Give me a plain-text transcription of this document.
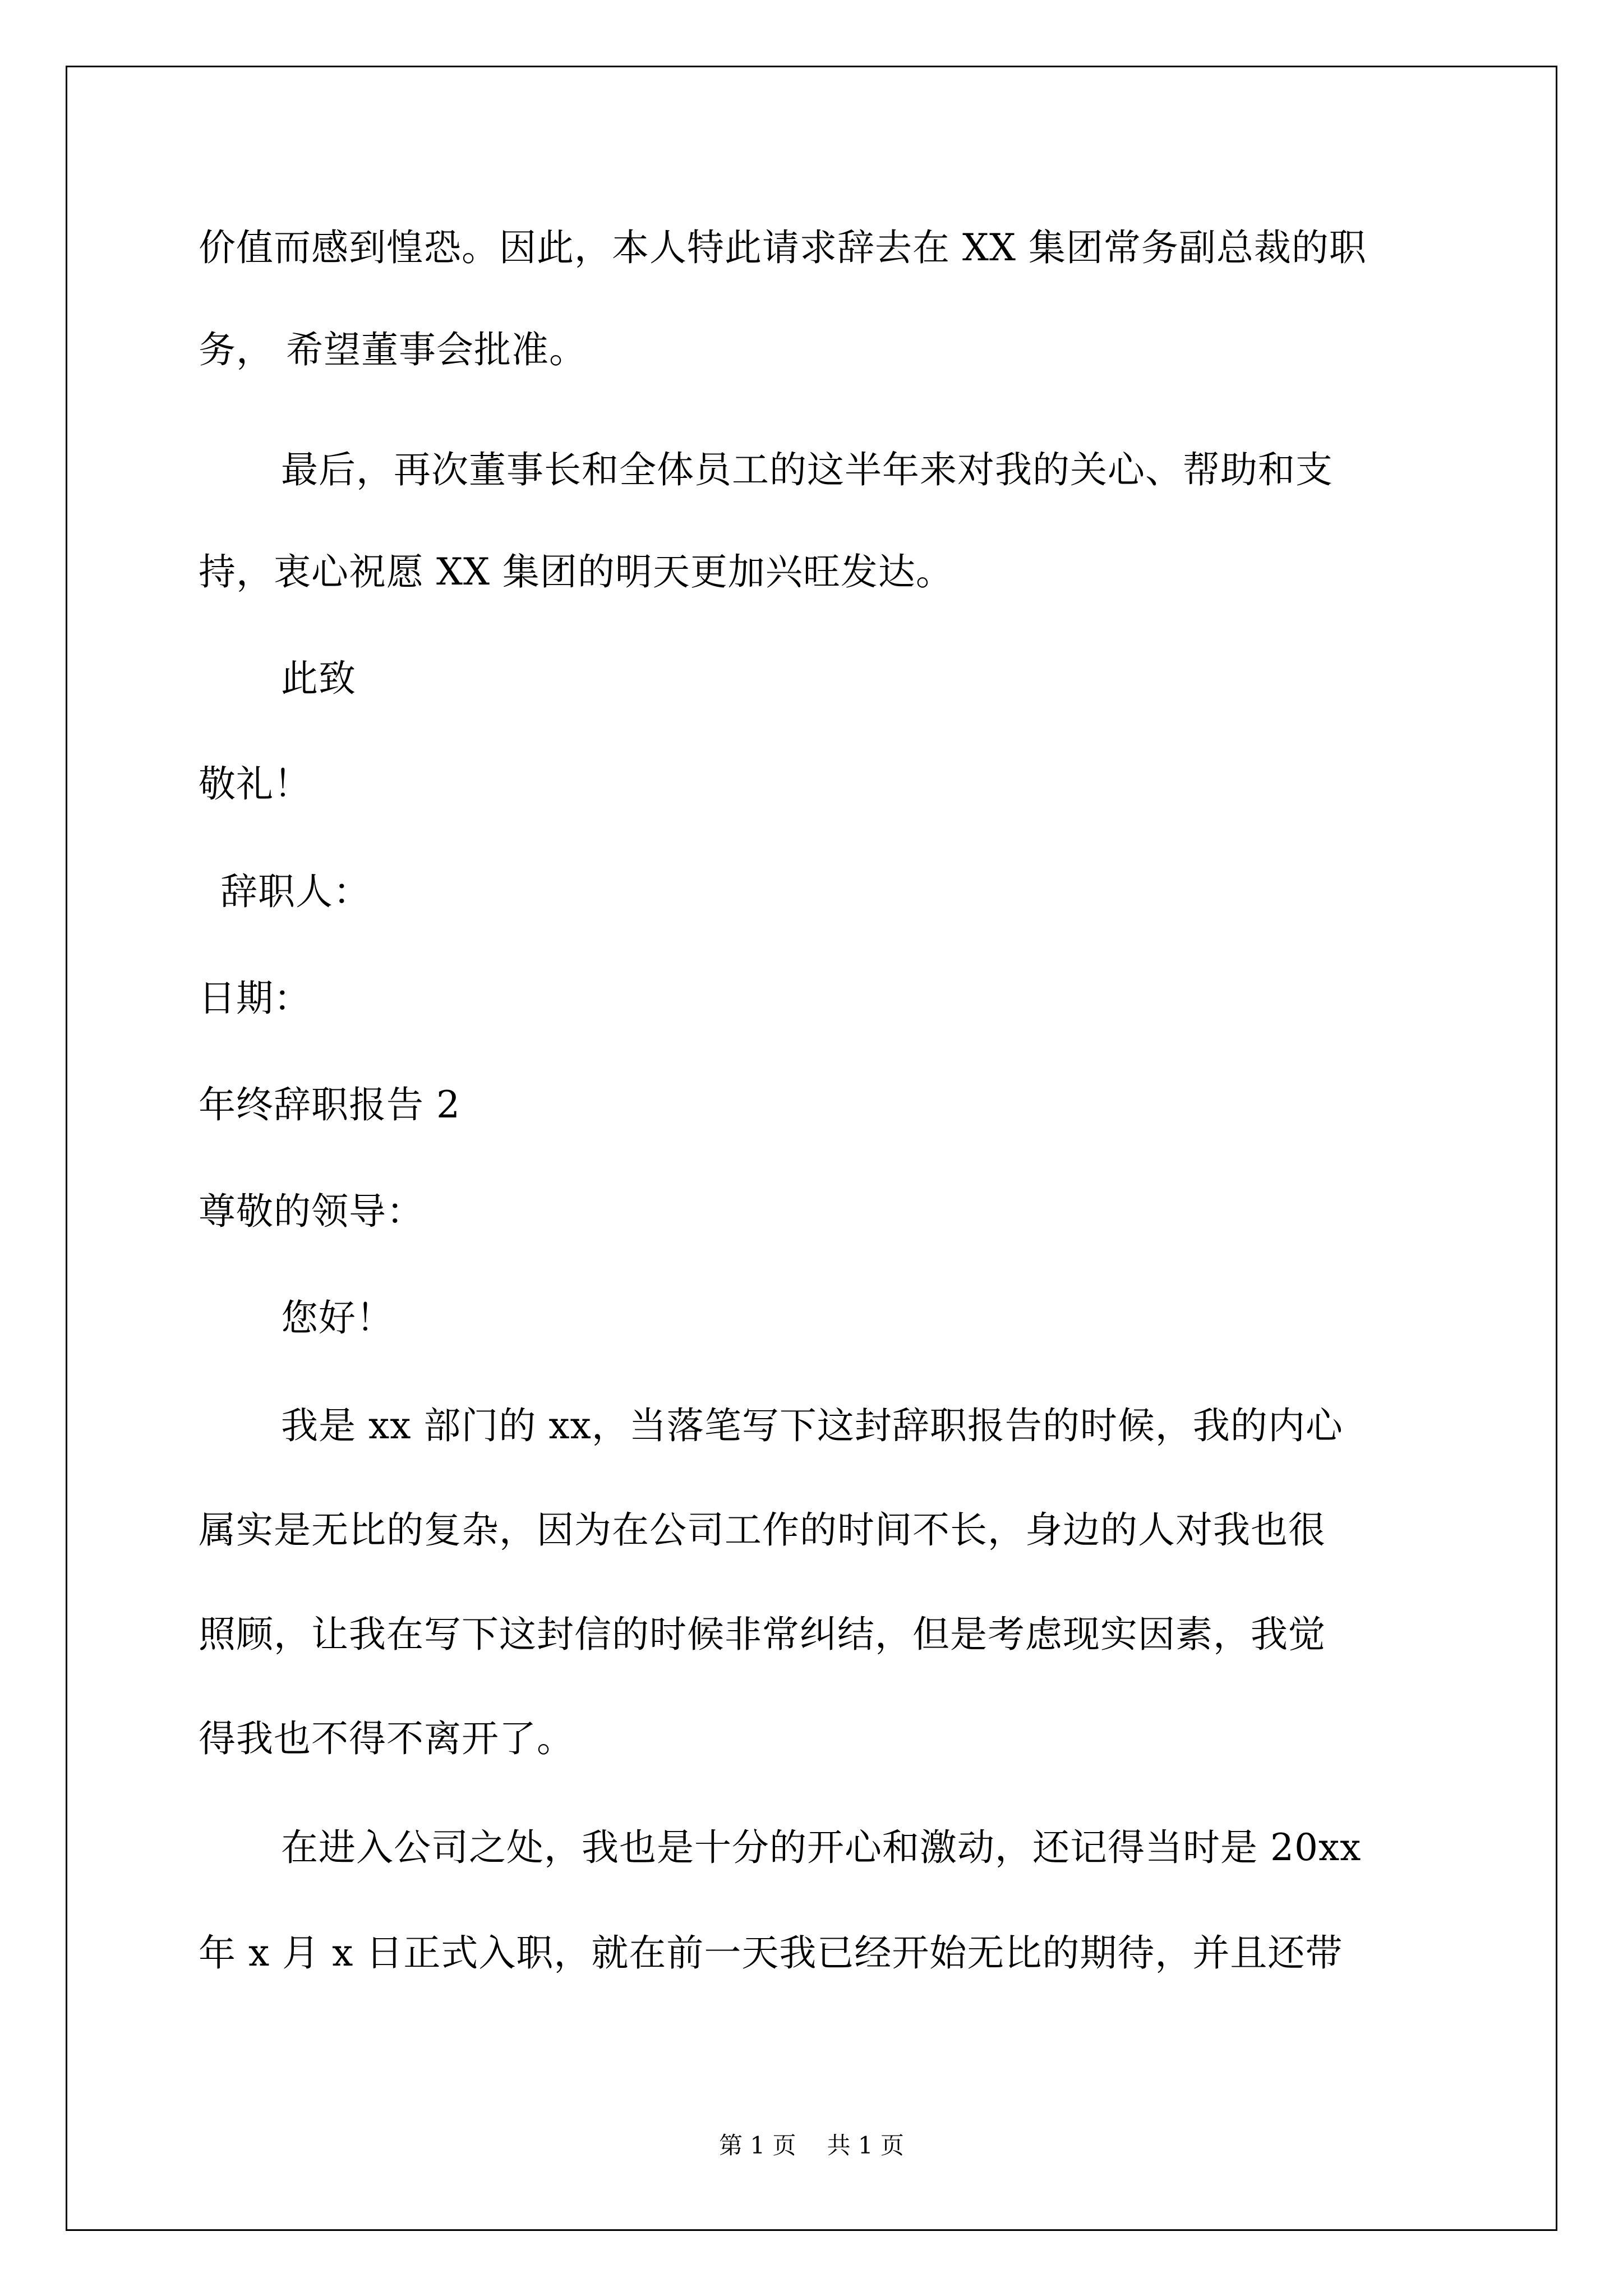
价值而感到惶恐。因此，本人特此请求辞去在 XX 集团常务副总裁的职
务， 希望董事会批准。
最后，再次董事长和全体员工的这半年来对我的关心、帮助和支
持，衷心祝愿 XX 集团的明天更加兴旺发达。
此致
敬礼！
辞职人：
日期：
年终辞职报告 2
尊敬的领导：
您好！
我是 xx 部门的 xx，当落笔写下这封辞职报告的时候，我的内心
属实是无比的复杂，因为在公司工作的时间不长，身边的人对我也很
照顾，让我在写下这封信的时候非常纠结，但是考虑现实因素，我觉
得我也不得不离开了。
在进入公司之处，我也是十分的开心和激动，还记得当时是 20xx
年 x 月 x 日正式入职，就在前一天我已经开始无比的期待，并且还带
第 1 页 共 1 页
